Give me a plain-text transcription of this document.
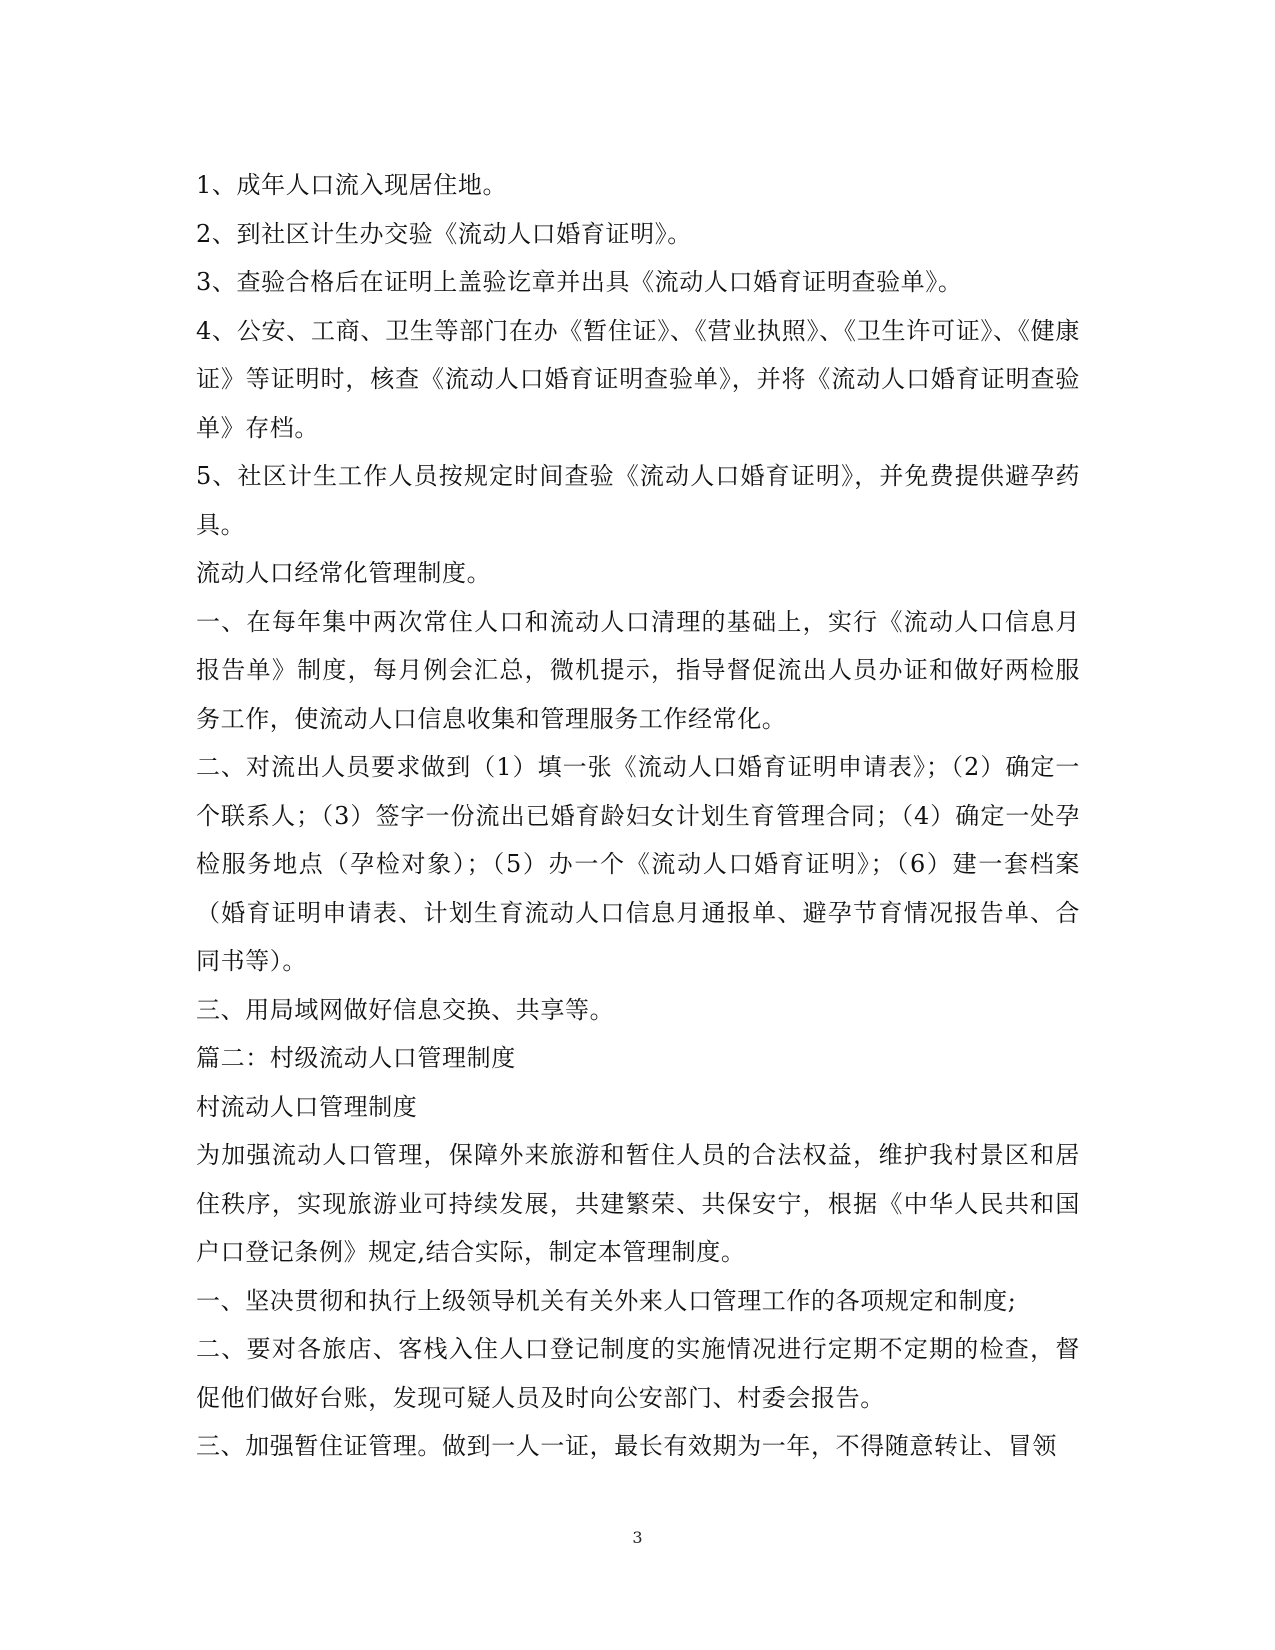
1、成年人口流入现居住地。

2、到社区计生办交验《流动人口婚育证明》。

3、查验合格后在证明上盖验讫章并出具《流动人口婚育证明查验单》。

4、公安、工商、卫生等部门在办《暂住证》、《营业执照》、《卫生许可证》、《健康证》等证明时，核查《流动人口婚育证明查验单》，并将《流动人口婚育证明查验单》存档。

5、社区计生工作人员按规定时间查验《流动人口婚育证明》，并免费提供避孕药具。

流动人口经常化管理制度。

一、在每年集中两次常住人口和流动人口清理的基础上，实行《流动人口信息月报告单》制度，每月例会汇总，微机提示，指导督促流出人员办证和做好两检服务工作，使流动人口信息收集和管理服务工作经常化。

二、对流出人员要求做到（1）填一张《流动人口婚育证明申请表》；（2）确定一个联系人；（3）签字一份流出已婚育龄妇女计划生育管理合同；（4）确定一处孕检服务地点（孕检对象）；（5）办一个《流动人口婚育证明》；（6）建一套档案（婚育证明申请表、计划生育流动人口信息月通报单、避孕节育情况报告单、合同书等）。

三、用局域网做好信息交换、共享等。

篇二：村级流动人口管理制度

村流动人口管理制度

为加强流动人口管理，保障外来旅游和暂住人员的合法权益，维护我村景区和居住秩序，实现旅游业可持续发展，共建繁荣、共保安宁，根据《中华人民共和国户口登记条例》规定,结合实际，制定本管理制度。

一、坚决贯彻和执行上级领导机关有关外来人口管理工作的各项规定和制度;

二、要对各旅店、客栈入住人口登记制度的实施情况进行定期不定期的检查，督促他们做好台账，发现可疑人员及时向公安部门、村委会报告。

三、加强暂住证管理。做到一人一证，最长有效期为一年，不得随意转让、冒领

3
